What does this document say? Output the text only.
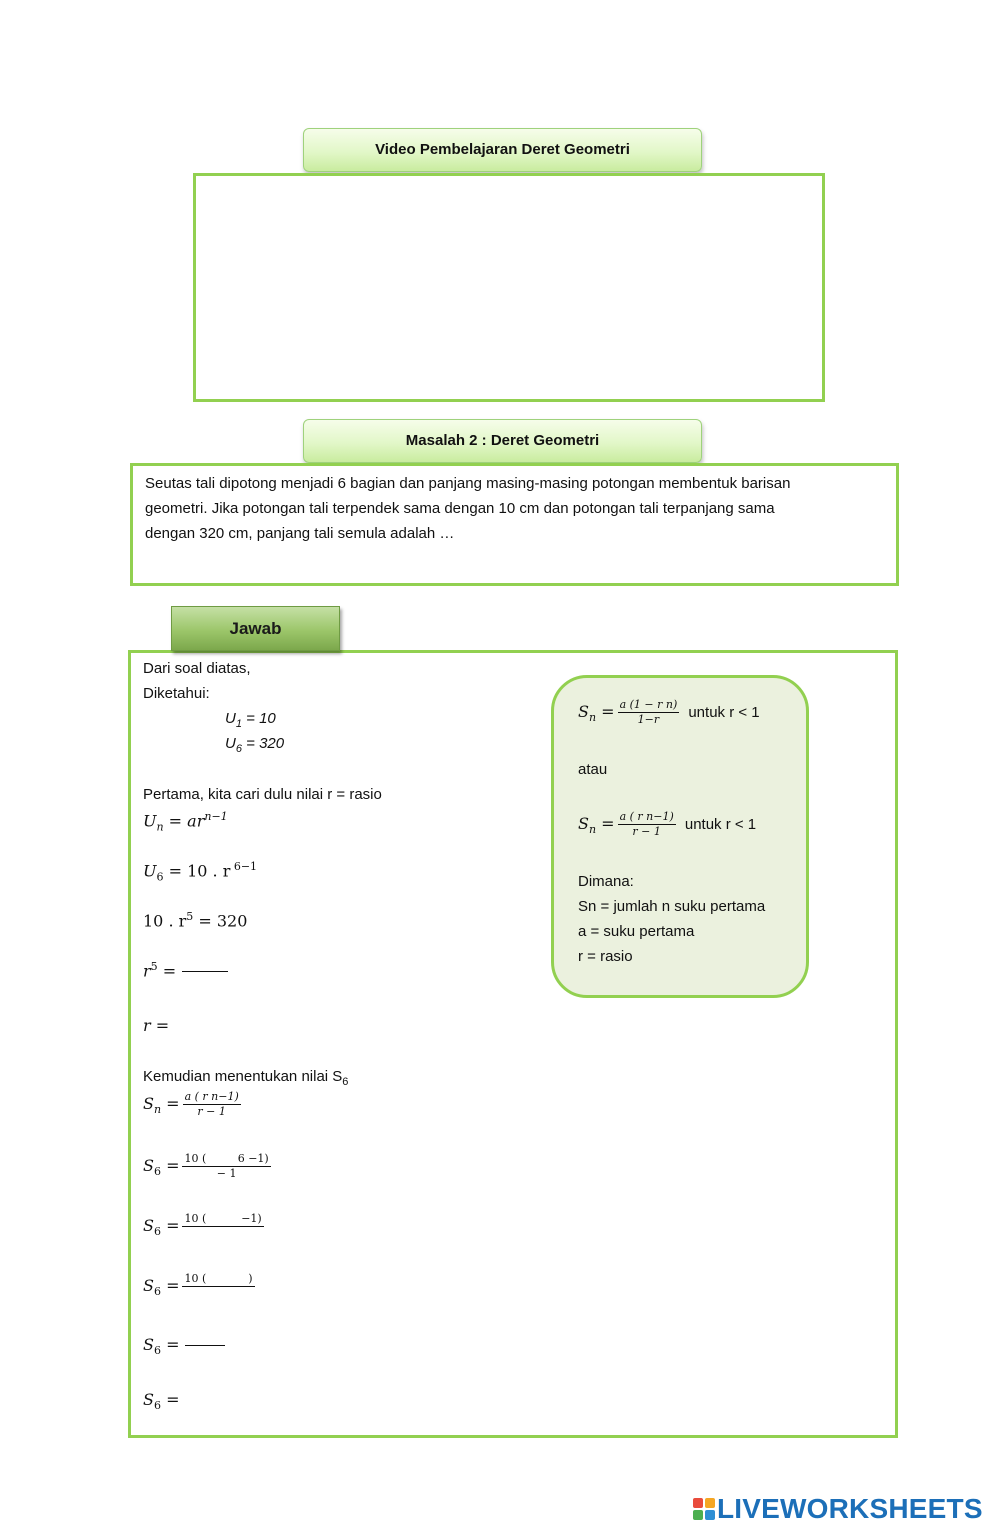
Video Pembelajaran Deret Geometri
Masalah 2 : Deret Geometri
Seutas tali dipotong menjadi 6 bagian dan panjang masing-masing potongan membentuk barisan
geometri. Jika potongan tali terpendek sama dengan 10 cm dan potongan tali terpanjang sama
dengan 320 cm, panjang tali semula adalah …
Jawab
Dari soal diatas,
Diketahui:
$U_1 = 10$
$U_6 = 320$
Pertama, kita cari dulu nilai r = rasio
$U_n = ar^{n-1}$
$U_6 = 10$ . r $^{6-1}$
10 . $r^5 = 320$
$r^5$ =
r =
Kemudian menentukan nilai $S_6$
$S_n = \frac{\text{a ( r n−1)}}{r - 1}$
$S_6 = \frac{10 ( 6 -1)}{- 1}$
$S_6 = 10$ (          −1)
$S_6 = 10$ (            )
$S_6$ =
$S_6$ =
$S_n = \frac{\text{a (1 − r n)}}{1-r}$ untuk r < 1
atau
$S_n = \frac{\text{a ( r n−1)}}{r - 1}$ untuk r < 1
Dimana:
Sn = jumlah n suku pertama
a = suku pertama
r = rasio
LIVEWORKSHEETS
